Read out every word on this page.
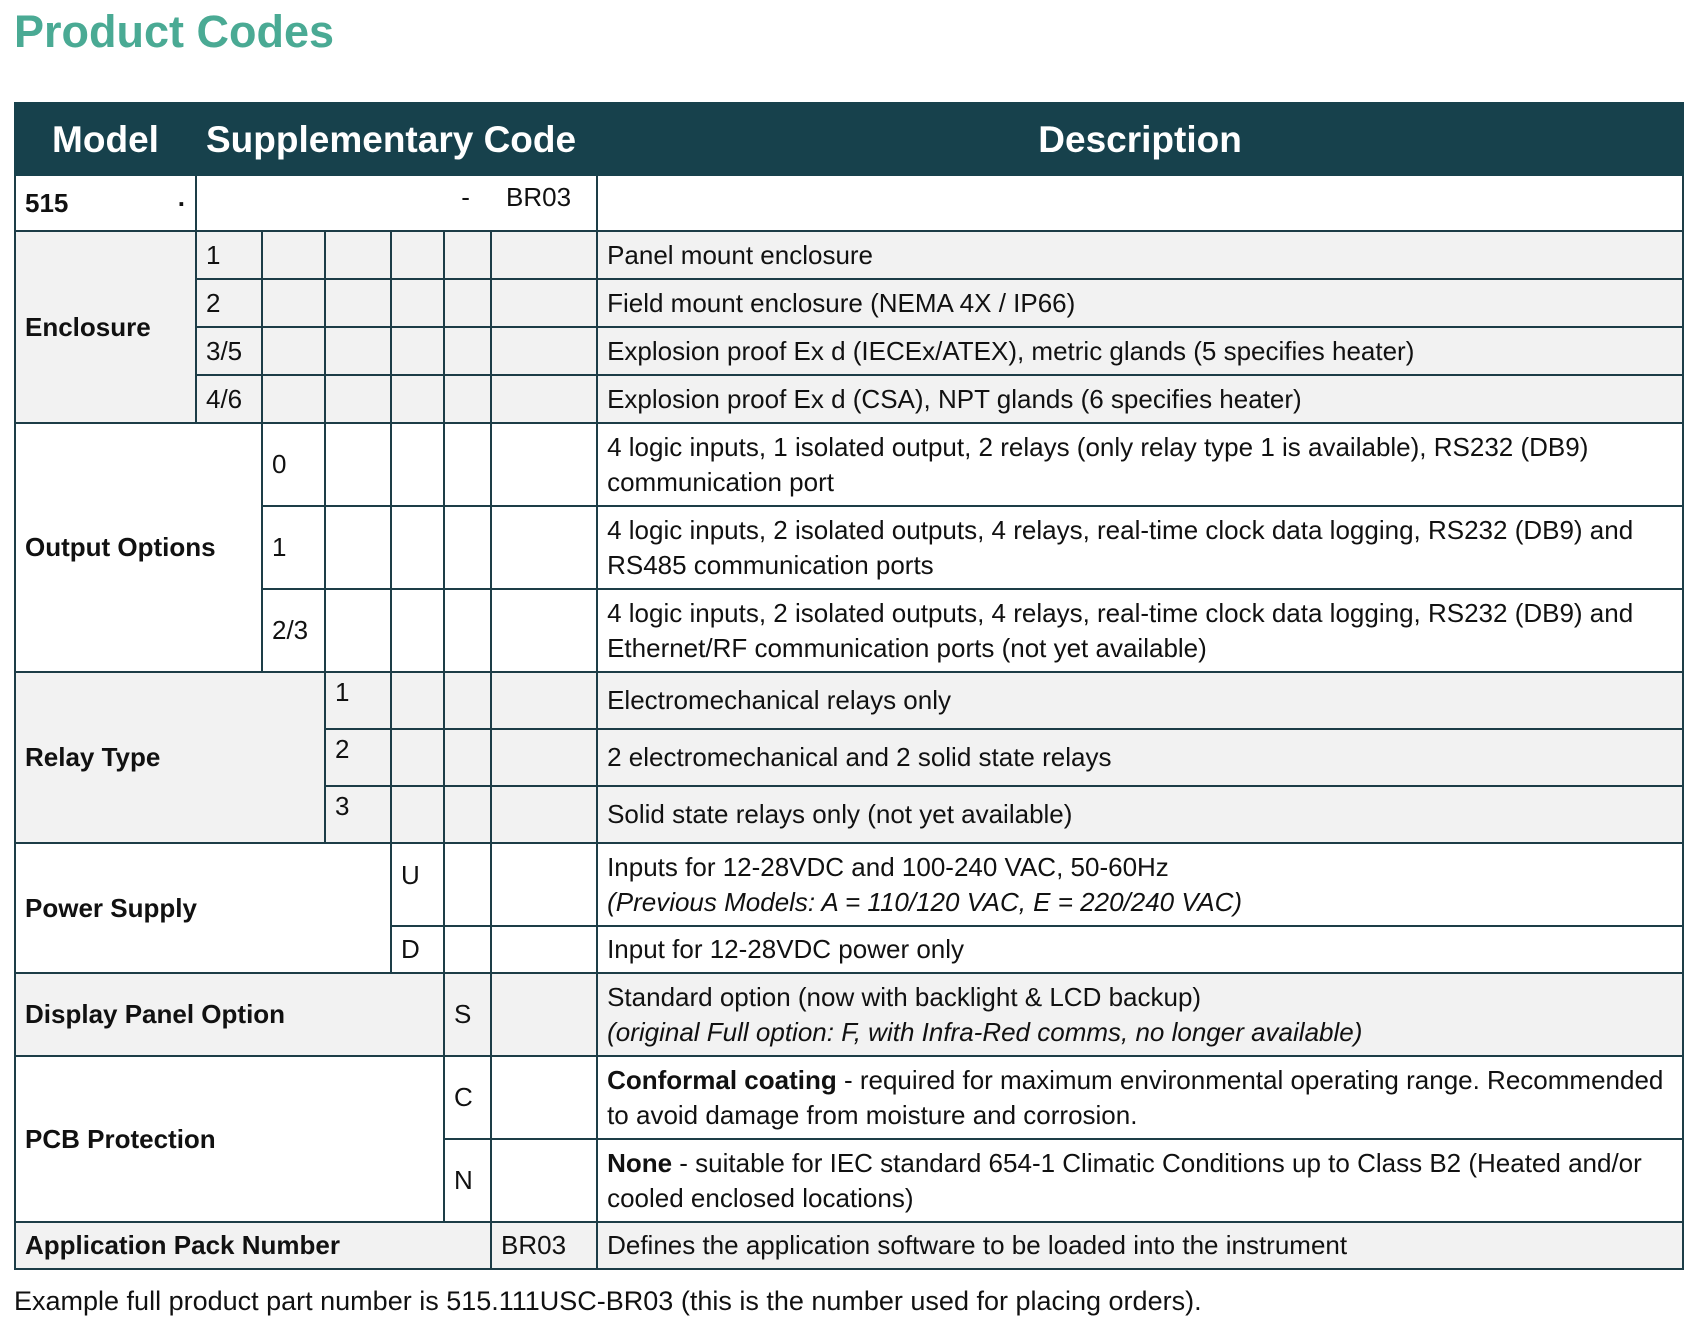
Product Codes
Model	Supplementary Code						Description
515 .	- BR03						
Enclosure	1						Panel mount enclosure
	2						Field mount enclosure (NEMA 4X / IP66)
	3/5						Explosion proof Ex d (IECEx/ATEX), metric glands (5 specifies heater)
	4/6						Explosion proof Ex d (CSA), NPT glands (6 specifies heater)
Output Options		0					4 logic inputs, 1 isolated output, 2 relays (only relay type 1 is available), RS232 (DB9) communication port
		1					4 logic inputs, 2 isolated outputs, 4 relays, real-time clock data logging, RS232 (DB9) and RS485 communication ports
		2/3					4 logic inputs, 2 isolated outputs, 4 relays, real-time clock data logging, RS232 (DB9) and Ethernet/RF communication ports (not yet available)
Relay Type			1				Electromechanical relays only
			2				2 electromechanical and 2 solid state relays
			3				Solid state relays only (not yet available)
Power Supply				U			Inputs for 12-28VDC and 100-240 VAC, 50-60Hz
(Previous Models: A = 110/120 VAC, E = 220/240 VAC)

				D			Input for 12-28VDC power only
Display Panel Option					S		Standard option (now with backlight & LCD backup)
(original Full option: F, with Infra-Red comms, no longer available)

PCB Protection					C		Conformal coating - required for maximum environmental operating range. Recommended to avoid damage from moisture and corrosion.
					N		None - suitable for IEC standard 654-1 Climatic Conditions up to Class B2 (Heated and/or cooled enclosed locations)
Application Pack Number						BR03	Defines the application software to be loaded into the instrument

Example full product part number is 515.111USC-BR03 (this is the number used for placing orders).
